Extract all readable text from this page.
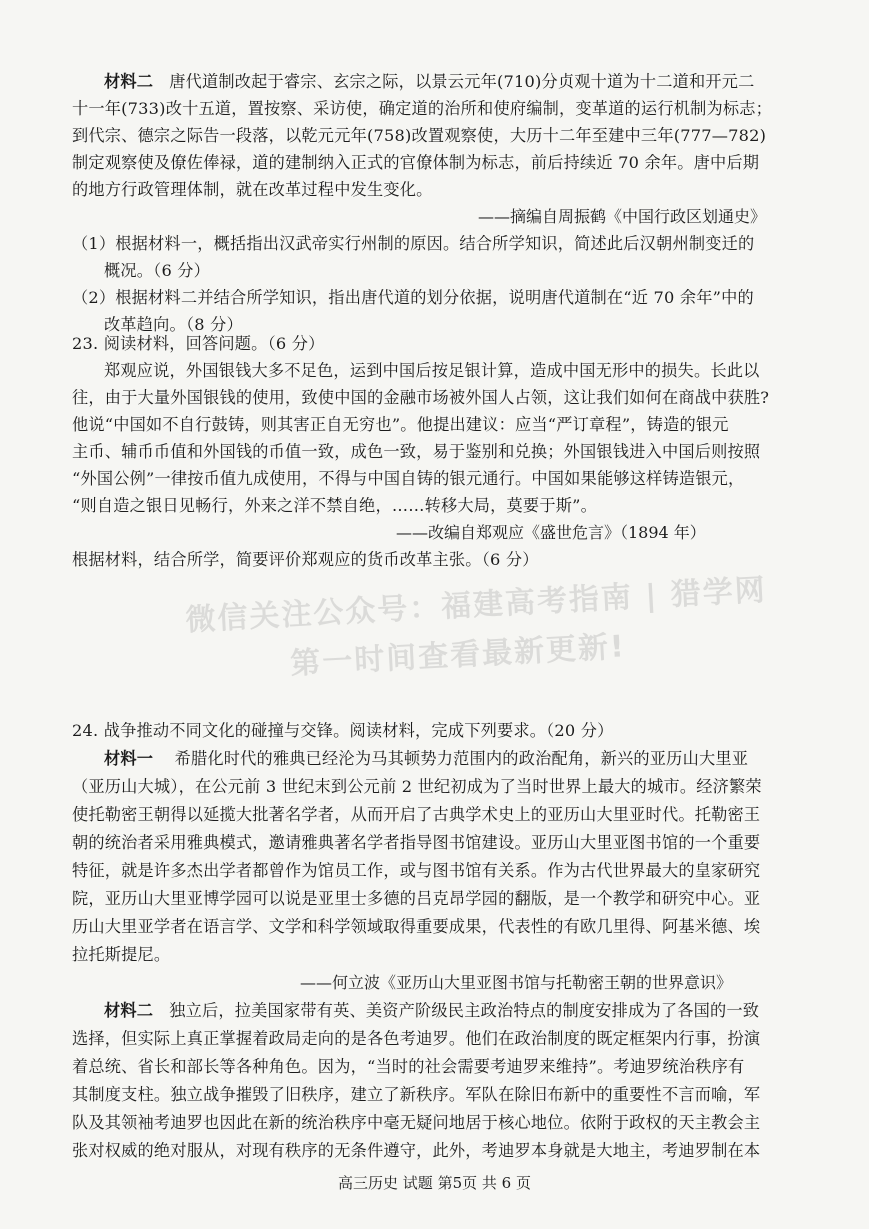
材料二 唐代道制改起于睿宗、玄宗之际，以景云元年(710)分贞观十道为十二道和开元二
十一年(733)改十五道，置按察、采访使，确定道的治所和使府编制，变革道的运行机制为标志；
到代宗、德宗之际告一段落，以乾元元年(758)改置观察使，大历十二年至建中三年(777—782)
制定观察使及僚佐俸禄，道的建制纳入正式的官僚体制为标志，前后持续近 70 余年。唐中后期
的地方行政管理体制，就在改革过程中发生变化。
——摘编自周振鹤《中国行政区划通史》
（1）根据材料一，概括指出汉武帝实行州制的原因。结合所学知识，简述此后汉朝州制变迁的
概况。（6 分）
（2）根据材料二并结合所学知识，指出唐代道的划分依据，说明唐代道制在“近 70 余年”中的
改革趋向。（8 分）
23. 阅读材料，回答问题。（6 分）
郑观应说，外国银钱大多不足色，运到中国后按足银计算，造成中国无形中的损失。长此以
往，由于大量外国银钱的使用，致使中国的金融市场被外国人占领，这让我们如何在商战中获胜?
他说“中国如不自行鼓铸，则其害正自无穷也”。他提出建议：应当“严订章程”，铸造的银元
主币、辅币币值和外国钱的币值一致，成色一致，易于鉴别和兑换；外国银钱进入中国后则按照
“外国公例”一律按币值九成使用，不得与中国自铸的银元通行。中国如果能够这样铸造银元，
“则自造之银日见畅行，外来之洋不禁自绝，……转移大局，莫要于斯”。
——改编自郑观应《盛世危言》（1894 年）
根据材料，结合所学，简要评价郑观应的货币改革主张。（6 分）
微信关注公众号：福建高考指南 | 猎学网
第一时间查看最新更新!
24. 战争推动不同文化的碰撞与交锋。阅读材料，完成下列要求。（20 分）
材料一 希腊化时代的雅典已经沦为马其顿势力范围内的政治配角，新兴的亚历山大里亚
（亚历山大城），在公元前 3 世纪末到公元前 2 世纪初成为了当时世界上最大的城市。经济繁荣
使托勒密王朝得以延揽大批著名学者，从而开启了古典学术史上的亚历山大里亚时代。托勒密王
朝的统治者采用雅典模式，邀请雅典著名学者指导图书馆建设。亚历山大里亚图书馆的一个重要
特征，就是许多杰出学者都曾作为馆员工作，或与图书馆有关系。作为古代世界最大的皇家研究
院，亚历山大里亚博学园可以说是亚里士多德的吕克昂学园的翻版，是一个教学和研究中心。亚
历山大里亚学者在语言学、文学和科学领域取得重要成果，代表性的有欧几里得、阿基米德、埃
拉托斯提尼。
——何立波《亚历山大里亚图书馆与托勒密王朝的世界意识》
材料二 独立后，拉美国家带有英、美资产阶级民主政治特点的制度安排成为了各国的一致
选择，但实际上真正掌握着政局走向的是各色考迪罗。他们在政治制度的既定框架内行事，扮演
着总统、省长和部长等各种角色。因为，“当时的社会需要考迪罗来维持”。考迪罗统治秩序有
其制度支柱。独立战争摧毁了旧秩序，建立了新秩序。军队在除旧布新中的重要性不言而喻，军
队及其领袖考迪罗也因此在新的统治秩序中毫无疑问地居于核心地位。依附于政权的天主教会主
张对权威的绝对服从，对现有秩序的无条件遵守，此外，考迪罗本身就是大地主，考迪罗制在本
高三历史 试题 第5页 共 6 页
